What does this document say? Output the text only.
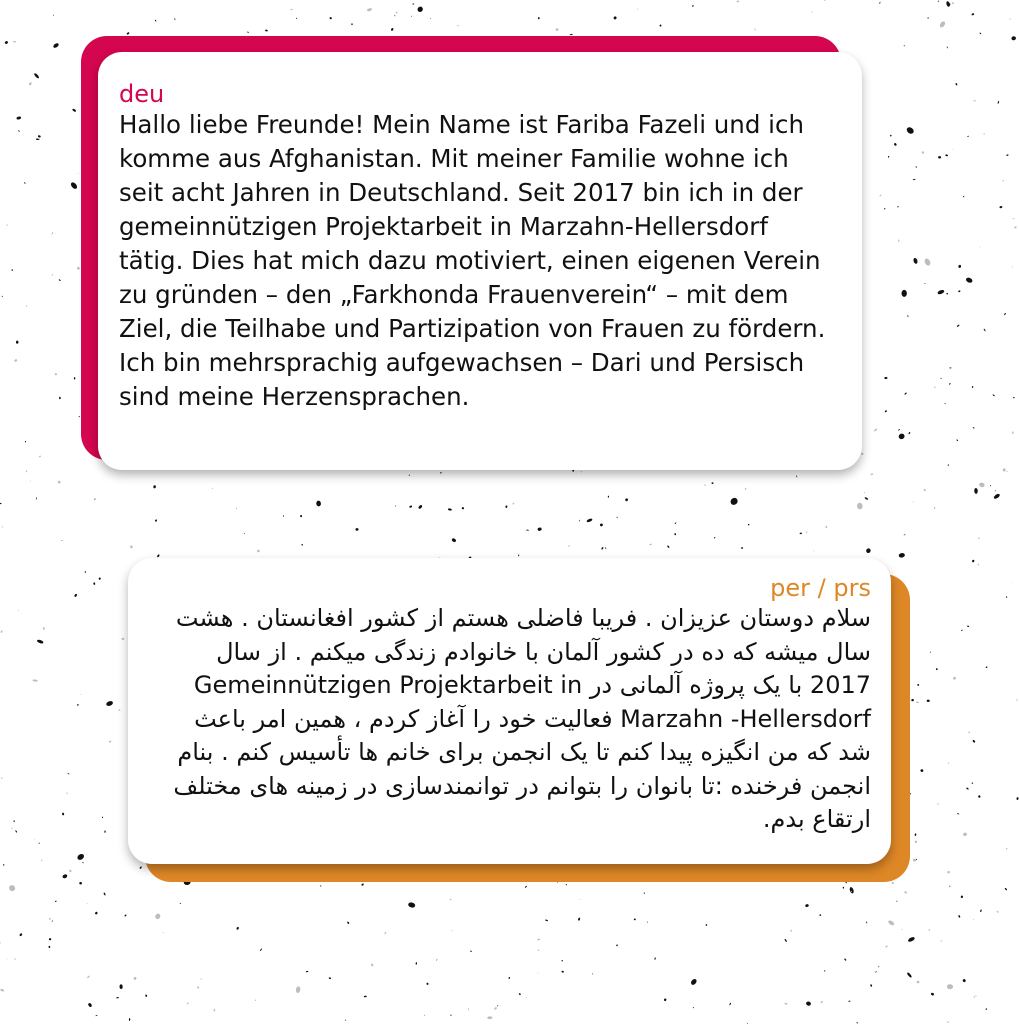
deu
Hallo liebe Freunde! Mein Name ist Fariba Fazeli und ich komme aus Afghanistan. Mit meiner Familie wohne ich seit acht Jahren in Deutschland. Seit 2017 bin ich in der gemeinnützigen Projektarbeit in Marzahn-Hellersdorf tätig. Dies hat mich dazu motiviert, einen eigenen Verein zu gründen – den „Farkhonda Frauenverein“ – mit dem Ziel, die Teilhabe und Partizipation von Frauen zu fördern. Ich bin mehrsprachig aufgewachsen – Dari und Persisch sind meine Herzensprachen.
per / prs
سلام دوستان عزیزان . فریبا فاضلی هستم از کشور افغانستان . هشت سال میشه که ده در کشور آلمان با خانوادم زندگی میکنم . از سال 2017 با یک پروژه آلمانی در Gemeinnützigen Projektarbeit in Marzahn -Hellersdorf فعالیت خود را آغاز کردم ، همین امر باعث شد که من انگیزه پیدا کنم تا یک انجمن برای خانم ها تأسیس کنم . بنام انجمن فرخنده :تا بانوان را بتوانم در توانمندسازی در زمینه های مختلف ارتقاع بدم.
